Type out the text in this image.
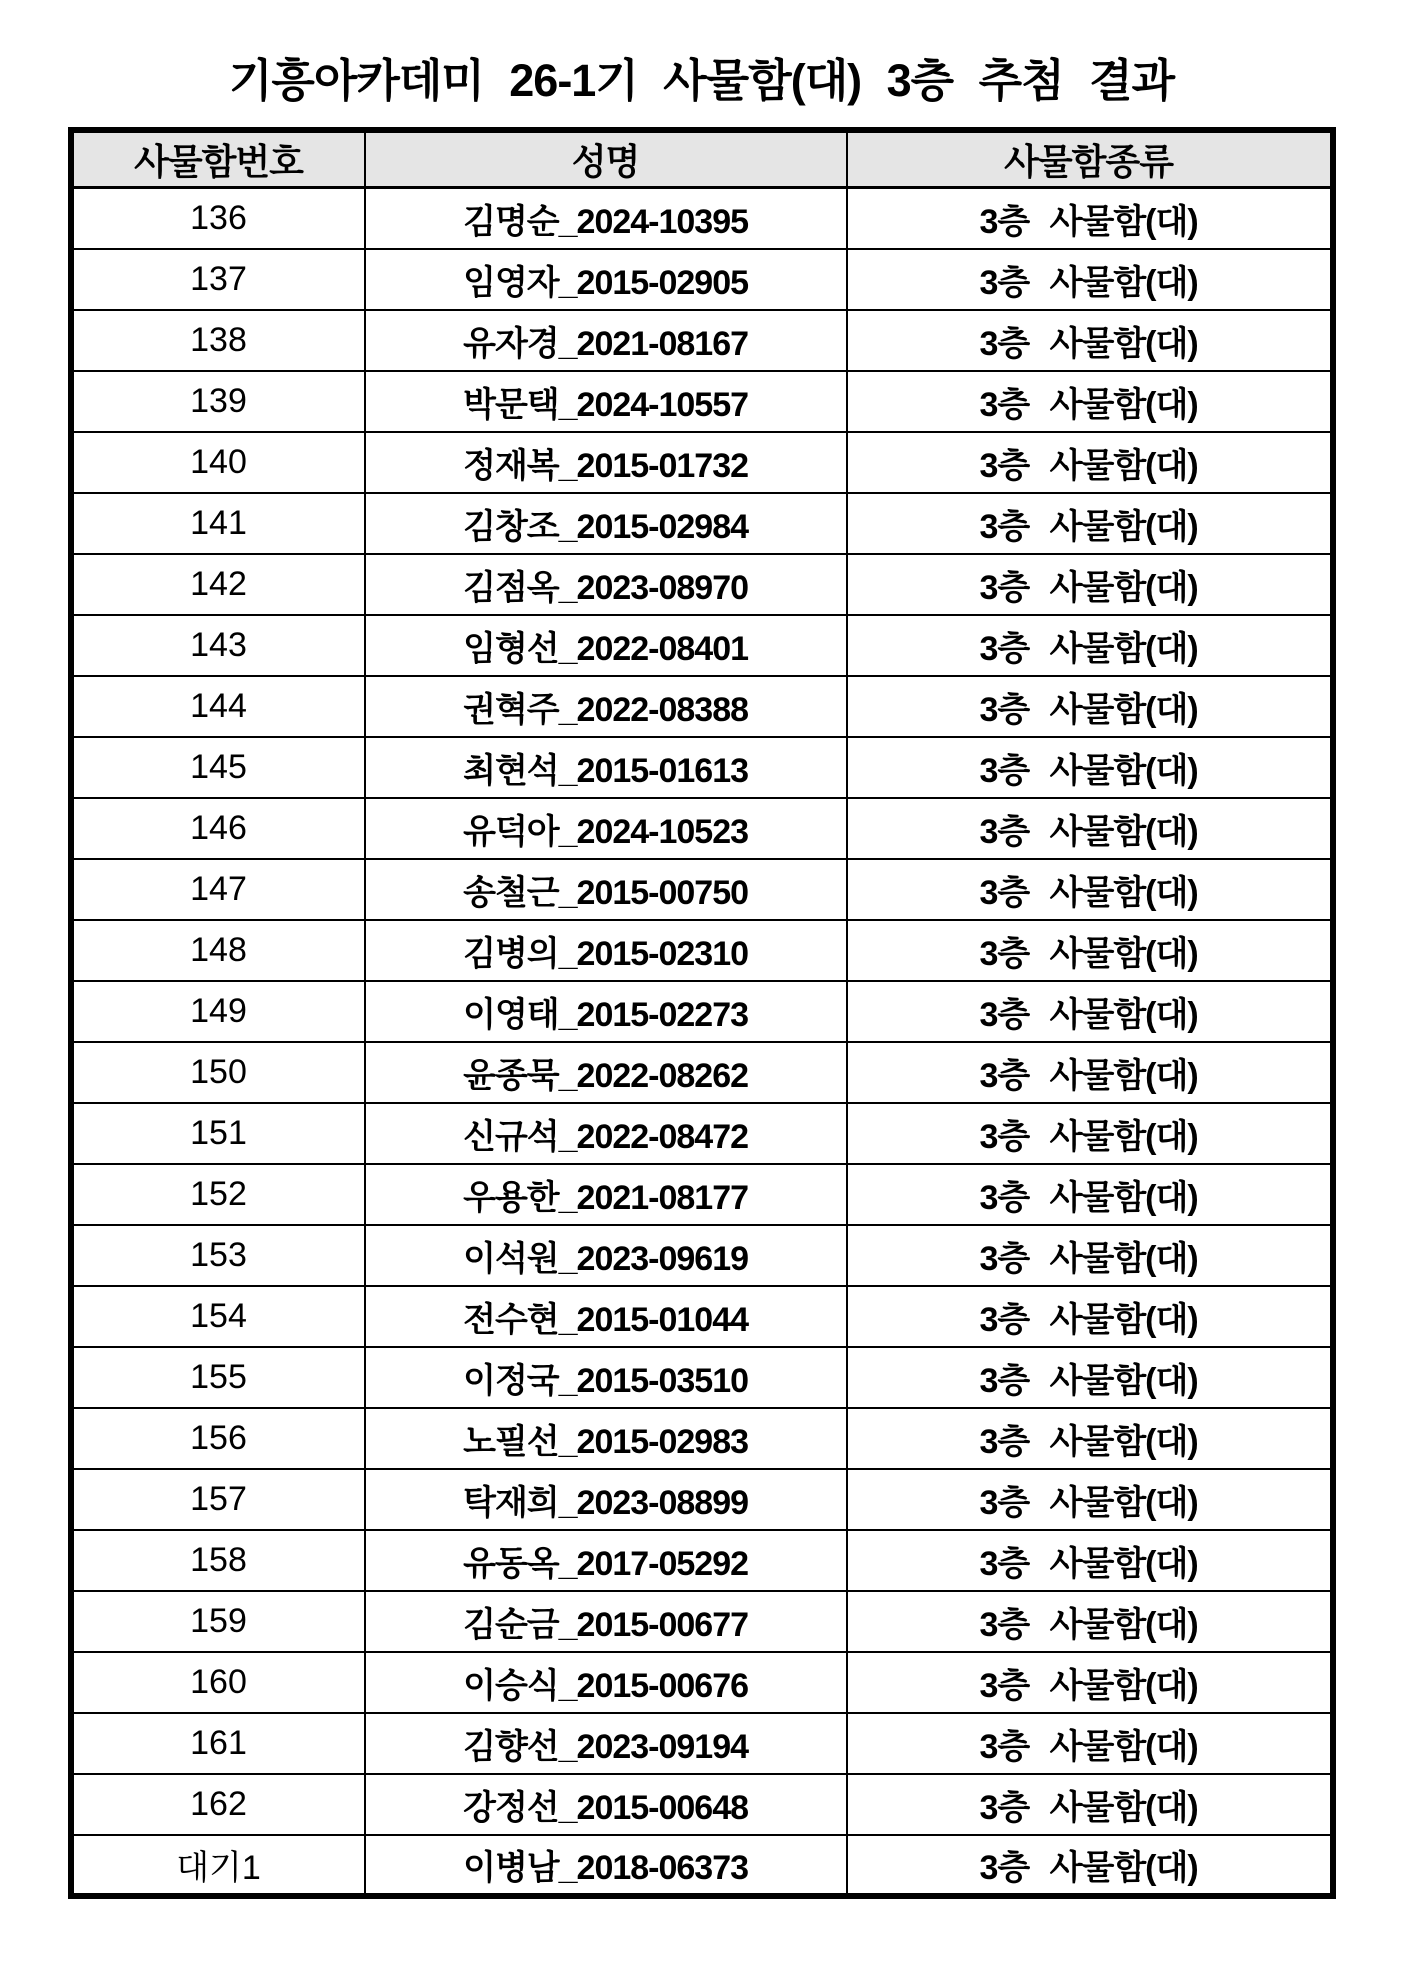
기흥아카데미 26-1기 사물함(대) 3층 추첨 결과
사물함번호	성명	사물함종류
136	김명순_2024-10395	3층 사물함(대)
137	임영자_2015-02905	3층 사물함(대)
138	유자경_2021-08167	3층 사물함(대)
139	박문택_2024-10557	3층 사물함(대)
140	정재복_2015-01732	3층 사물함(대)
141	김창조_2015-02984	3층 사물함(대)
142	김점옥_2023-08970	3층 사물함(대)
143	임형선_2022-08401	3층 사물함(대)
144	권혁주_2022-08388	3층 사물함(대)
145	최현석_2015-01613	3층 사물함(대)
146	유덕아_2024-10523	3층 사물함(대)
147	송철근_2015-00750	3층 사물함(대)
148	김병의_2015-02310	3층 사물함(대)
149	이영태_2015-02273	3층 사물함(대)
150	윤종묵_2022-08262	3층 사물함(대)
151	신규석_2022-08472	3층 사물함(대)
152	우용한_2021-08177	3층 사물함(대)
153	이석원_2023-09619	3층 사물함(대)
154	전수현_2015-01044	3층 사물함(대)
155	이정국_2015-03510	3층 사물함(대)
156	노필선_2015-02983	3층 사물함(대)
157	탁재희_2023-08899	3층 사물함(대)
158	유동옥_2017-05292	3층 사물함(대)
159	김순금_2015-00677	3층 사물함(대)
160	이승식_2015-00676	3층 사물함(대)
161	김향선_2023-09194	3층 사물함(대)
162	강정선_2015-00648	3층 사물함(대)
대기1	이병남_2018-06373	3층 사물함(대)
